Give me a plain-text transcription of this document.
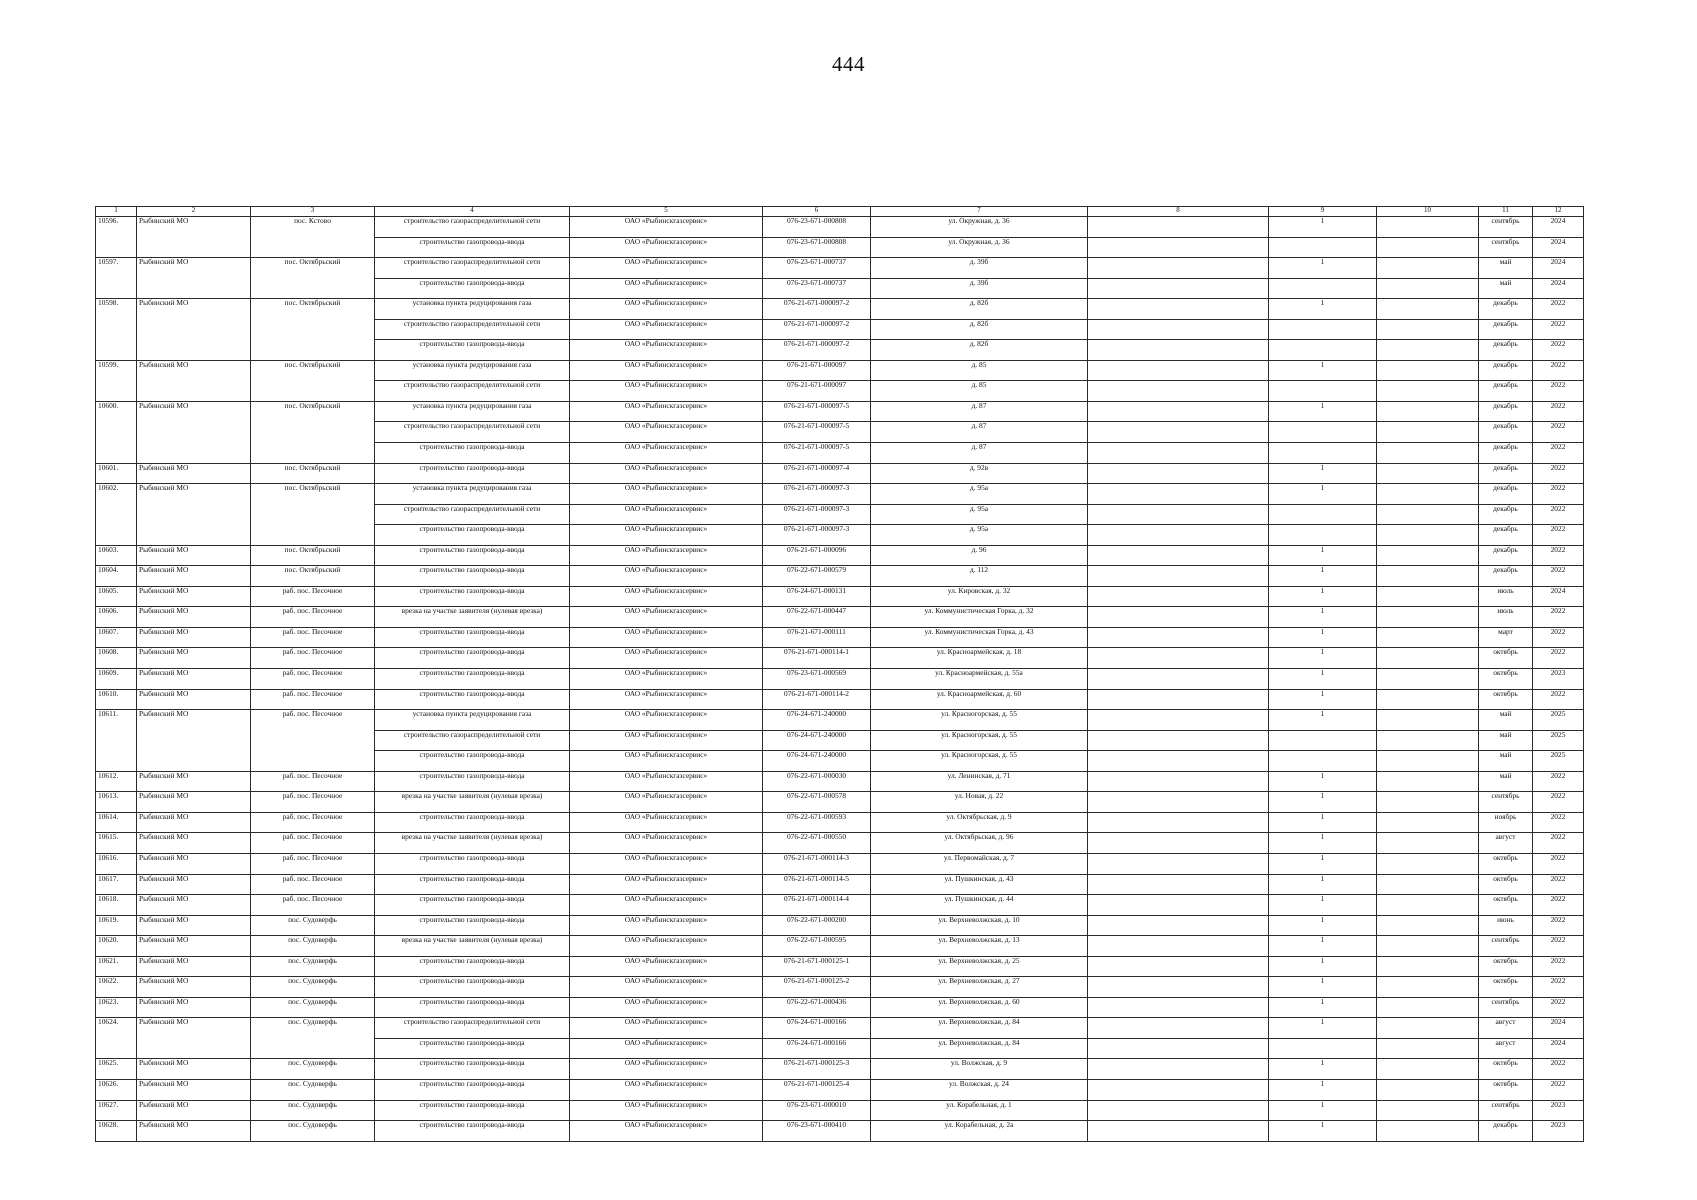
444
1	2	3	4	5	6	7	8	9	10	11	12
10596.	Рыбинский МО	пос. Кстово	строительство газораспределительной сети	ОАО «Рыбинскгазсервис»	076-23-671-000808	ул. Окружная, д. 36		1		сентябрь	2024
			строительство газопровода-ввода	ОАО «Рыбинскгазсервис»	076-23-671-000808	ул. Окружная, д. 36				сентябрь	2024
10597.	Рыбинский МО	пос. Октябрьский	строительство газораспределительной сети	ОАО «Рыбинскгазсервис»	076-23-671-000737	д. 39б		1		май	2024
			строительство газопровода-ввода	ОАО «Рыбинскгазсервис»	076-23-671-000737	д. 39б				май	2024
10598.	Рыбинский МО	пос. Октябрьский	установка пункта редуцирования газа	ОАО «Рыбинскгазсервис»	076-21-671-000097-2	д. 82б		1		декабрь	2022
			строительство газораспределительной сети	ОАО «Рыбинскгазсервис»	076-21-671-000097-2	д. 82б				декабрь	2022
			строительство газопровода-ввода	ОАО «Рыбинскгазсервис»	076-21-671-000097-2	д. 82б				декабрь	2022
10599.	Рыбинский МО	пос. Октябрьский	установка пункта редуцирования газа	ОАО «Рыбинскгазсервис»	076-21-671-000097	д. 85		1		декабрь	2022
			строительство газораспределительной сети	ОАО «Рыбинскгазсервис»	076-21-671-000097	д. 85				декабрь	2022
10600.	Рыбинский МО	пос. Октябрьский	установка пункта редуцирования газа	ОАО «Рыбинскгазсервис»	076-21-671-000097-5	д. 87		1		декабрь	2022
			строительство газораспределительной сети	ОАО «Рыбинскгазсервис»	076-21-671-000097-5	д. 87				декабрь	2022
			строительство газопровода-ввода	ОАО «Рыбинскгазсервис»	076-21-671-000097-5	д. 87				декабрь	2022
10601.	Рыбинский МО	пос. Октябрьский	строительство газопровода-ввода	ОАО «Рыбинскгазсервис»	076-21-671-000097-4	д. 92в		1		декабрь	2022
10602.	Рыбинский МО	пос. Октябрьский	установка пункта редуцирования газа	ОАО «Рыбинскгазсервис»	076-21-671-000097-3	д. 95а		1		декабрь	2022
			строительство газораспределительной сети	ОАО «Рыбинскгазсервис»	076-21-671-000097-3	д. 95а				декабрь	2022
			строительство газопровода-ввода	ОАО «Рыбинскгазсервис»	076-21-671-000097-3	д. 95а				декабрь	2022
10603.	Рыбинский МО	пос. Октябрьский	строительство газопровода-ввода	ОАО «Рыбинскгазсервис»	076-21-671-000096	д. 96		1		декабрь	2022
10604.	Рыбинский МО	пос. Октябрьский	строительство газопровода-ввода	ОАО «Рыбинскгазсервис»	076-22-671-000579	д. 112		1		декабрь	2022
10605.	Рыбинский МО	раб. пос. Песочное	строительство газопровода-ввода	ОАО «Рыбинскгазсервис»	076-24-671-000131	ул. Кировская, д. 32		1		июль	2024
10606.	Рыбинский МО	раб. пос. Песочное	врезка на участке заявителя (нулевая врезка)	ОАО «Рыбинскгазсервис»	076-22-671-000447	ул. Коммунистическая Горка, д. 32		1		июль	2022
10607.	Рыбинский МО	раб. пос. Песочное	строительство газопровода-ввода	ОАО «Рыбинскгазсервис»	076-21-671-000111	ул. Коммунистическая Горка, д. 43		1		март	2022
10608.	Рыбинский МО	раб. пос. Песочное	строительство газопровода-ввода	ОАО «Рыбинскгазсервис»	076-21-671-000114-1	ул. Красноармейская, д. 18		1		октябрь	2022
10609.	Рыбинский МО	раб. пос. Песочное	строительство газопровода-ввода	ОАО «Рыбинскгазсервис»	076-23-671-000569	ул. Красноармейская, д. 55а		1		октябрь	2023
10610.	Рыбинский МО	раб. пос. Песочное	строительство газопровода-ввода	ОАО «Рыбинскгазсервис»	076-21-671-000114-2	ул. Красноармейская, д. 60		1		октябрь	2022
10611.	Рыбинский МО	раб. пос. Песочное	установка пункта редуцирования газа	ОАО «Рыбинскгазсервис»	076-24-671-240000	ул. Красногорская, д. 55		1		май	2025
			строительство газораспределительной сети	ОАО «Рыбинскгазсервис»	076-24-671-240000	ул. Красногорская, д. 55				май	2025
			строительство газопровода-ввода	ОАО «Рыбинскгазсервис»	076-24-671-240000	ул. Красногорская, д. 55				май	2025
10612.	Рыбинский МО	раб. пос. Песочное	строительство газопровода-ввода	ОАО «Рыбинскгазсервис»	076-22-671-000030	ул. Ленинская, д. 71		1		май	2022
10613.	Рыбинский МО	раб. пос. Песочное	врезка на участке заявителя (нулевая врезка)	ОАО «Рыбинскгазсервис»	076-22-671-000578	ул. Новая, д. 22		1		сентябрь	2022
10614.	Рыбинский МО	раб. пос. Песочное	строительство газопровода-ввода	ОАО «Рыбинскгазсервис»	076-22-671-000593	ул. Октябрьская, д. 9		1		ноябрь	2022
10615.	Рыбинский МО	раб. пос. Песочное	врезка на участке заявителя (нулевая врезка)	ОАО «Рыбинскгазсервис»	076-22-671-000550	ул. Октябрьская, д. 96		1		август	2022
10616.	Рыбинский МО	раб. пос. Песочное	строительство газопровода-ввода	ОАО «Рыбинскгазсервис»	076-21-671-000114-3	ул. Первомайская, д. 7		1		октябрь	2022
10617.	Рыбинский МО	раб. пос. Песочное	строительство газопровода-ввода	ОАО «Рыбинскгазсервис»	076-21-671-000114-5	ул. Пушкинская, д. 43		1		октябрь	2022
10618.	Рыбинский МО	раб. пос. Песочное	строительство газопровода-ввода	ОАО «Рыбинскгазсервис»	076-21-671-000114-4	ул. Пушкинская, д. 44		1		октябрь	2022
10619.	Рыбинский МО	пос. Судоверфь	строительство газопровода-ввода	ОАО «Рыбинскгазсервис»	076-22-671-000200	ул. Верхневолжская, д. 10		1		июнь	2022
10620.	Рыбинский МО	пос. Судоверфь	врезка на участке заявителя (нулевая врезка)	ОАО «Рыбинскгазсервис»	076-22-671-000595	ул. Верхневолжская, д. 13		1		сентябрь	2022
10621.	Рыбинский МО	пос. Судоверфь	строительство газопровода-ввода	ОАО «Рыбинскгазсервис»	076-21-671-000125-1	ул. Верхневолжская, д. 25		1		октябрь	2022
10622.	Рыбинский МО	пос. Судоверфь	строительство газопровода-ввода	ОАО «Рыбинскгазсервис»	076-21-671-000125-2	ул. Верхневолжская, д. 27		1		октябрь	2022
10623.	Рыбинский МО	пос. Судоверфь	строительство газопровода-ввода	ОАО «Рыбинскгазсервис»	076-22-671-000436	ул. Верхневолжская, д. 60		1		сентябрь	2022
10624.	Рыбинский МО	пос. Судоверфь	строительство газораспределительной сети	ОАО «Рыбинскгазсервис»	076-24-671-000166	ул. Верхневолжская, д. 84		1		август	2024
			строительство газопровода-ввода	ОАО «Рыбинскгазсервис»	076-24-671-000166	ул. Верхневолжская, д. 84				август	2024
10625.	Рыбинский МО	пос. Судоверфь	строительство газопровода-ввода	ОАО «Рыбинскгазсервис»	076-21-671-000125-3	ул. Волжская, д. 9		1		октябрь	2022
10626.	Рыбинский МО	пос. Судоверфь	строительство газопровода-ввода	ОАО «Рыбинскгазсервис»	076-21-671-000125-4	ул. Волжская, д. 24		1		октябрь	2022
10627.	Рыбинский МО	пос. Судоверфь	строительство газопровода-ввода	ОАО «Рыбинскгазсервис»	076-23-671-000010	ул. Корабельная, д. 1		1		сентябрь	2023
10628.	Рыбинский МО	пос. Судоверфь	строительство газопровода-ввода	ОАО «Рыбинскгазсервис»	076-23-671-000410	ул. Корабельная, д. 2а		1		декабрь	2023
